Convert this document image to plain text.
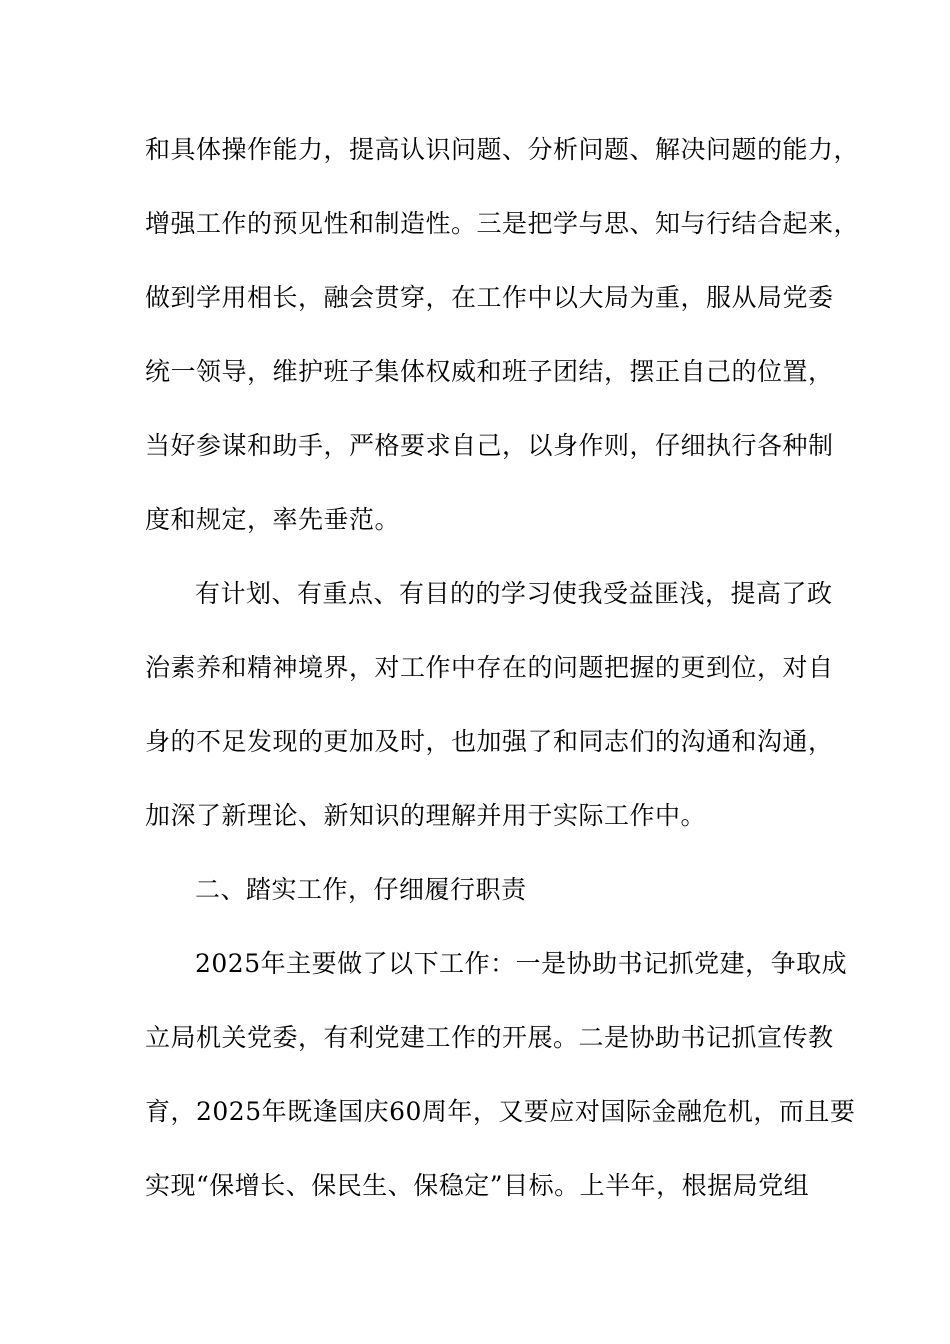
和具体操作能力，提高认识问题、分析问题、解决问题的能力，
增强工作的预见性和制造性。三是把学与思、知与行结合起来，
做到学用相长，融会贯穿，在工作中以大局为重，服从局党委
统一领导，维护班子集体权威和班子团结，摆正自己的位置，
当好参谋和助手，严格要求自己，以身作则，仔细执行各种制
度和规定，率先垂范。
有计划、有重点、有目的的学习使我受益匪浅，提高了政
治素养和精神境界，对工作中存在的问题把握的更到位，对自
身的不足发现的更加及时，也加强了和同志们的沟通和沟通，
加深了新理论、新知识的理解并用于实际工作中。
二、踏实工作，仔细履行职责
2025年主要做了以下工作：一是协助书记抓党建，争取成
立局机关党委，有利党建工作的开展。二是协助书记抓宣传教
育，2025年既逢国庆60周年，又要应对国际金融危机，而且要
实现“保增长、保民生、保稳定”目标。上半年，根据局党组
